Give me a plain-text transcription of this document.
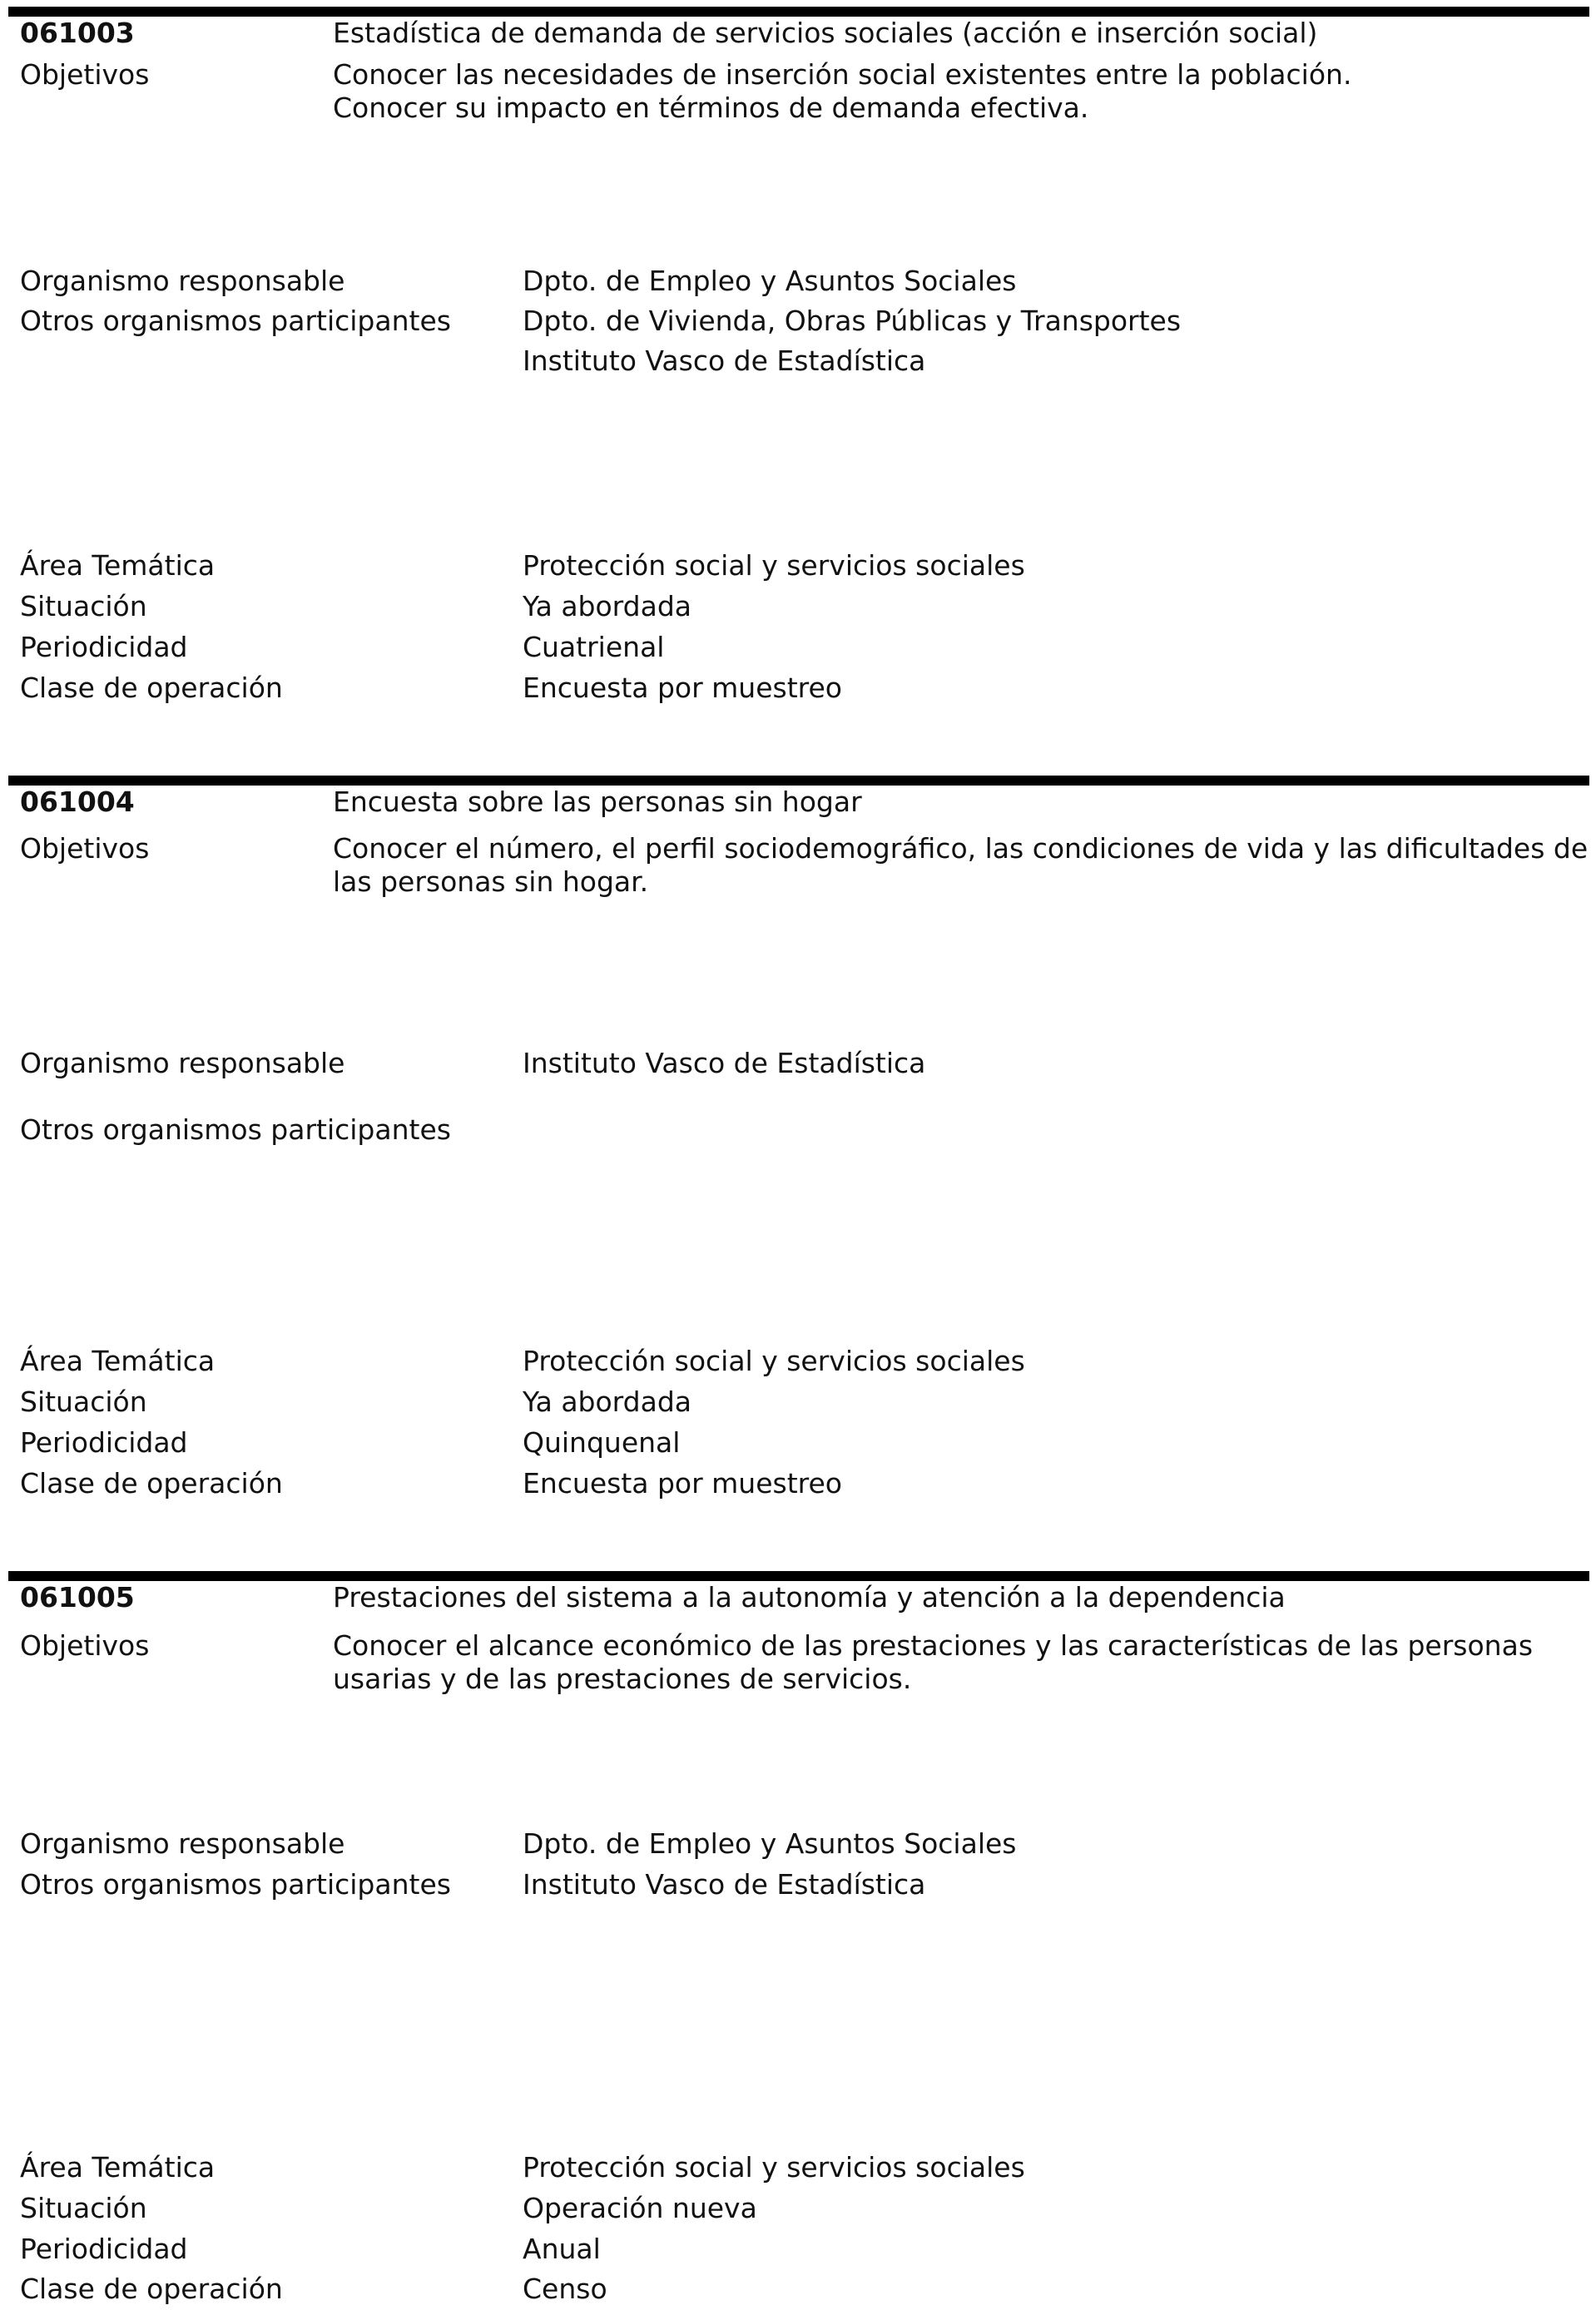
061003	Estadística de demanda de servicios sociales (acción e inserción social)
Objetivos	Conocer las necesidades de inserción social existentes entre la población.
Conocer su impacto en términos de demanda efectiva.
Organismo responsable	Dpto. de Empleo y Asuntos Sociales
Otros organismos participantes	Dpto. de Vivienda, Obras Públicas y Transportes
Instituto Vasco de Estadística
Área Temática	Protección social y servicios sociales
Situación	Ya abordada
Periodicidad	Cuatrienal
Clase de operación	Encuesta por muestreo
061004	Encuesta sobre las personas sin hogar
Objetivos	Conocer el número, el perfil sociodemográfico, las condiciones de vida y las dificultades de
las personas sin hogar.
Organismo responsable	Instituto Vasco de Estadística
Otros organismos participantes
Área Temática	Protección social y servicios sociales
Situación	Ya abordada
Periodicidad	Quinquenal
Clase de operación	Encuesta por muestreo
061005	Prestaciones del sistema a la autonomía y atención a la dependencia
Objetivos	Conocer el alcance económico de las prestaciones y las características de las personas
usarias y de las prestaciones de servicios.
Organismo responsable	Dpto. de Empleo y Asuntos Sociales
Otros organismos participantes	Instituto Vasco de Estadística
Área Temática	Protección social y servicios sociales
Situación	Operación nueva
Periodicidad	Anual
Clase de operación	Censo
